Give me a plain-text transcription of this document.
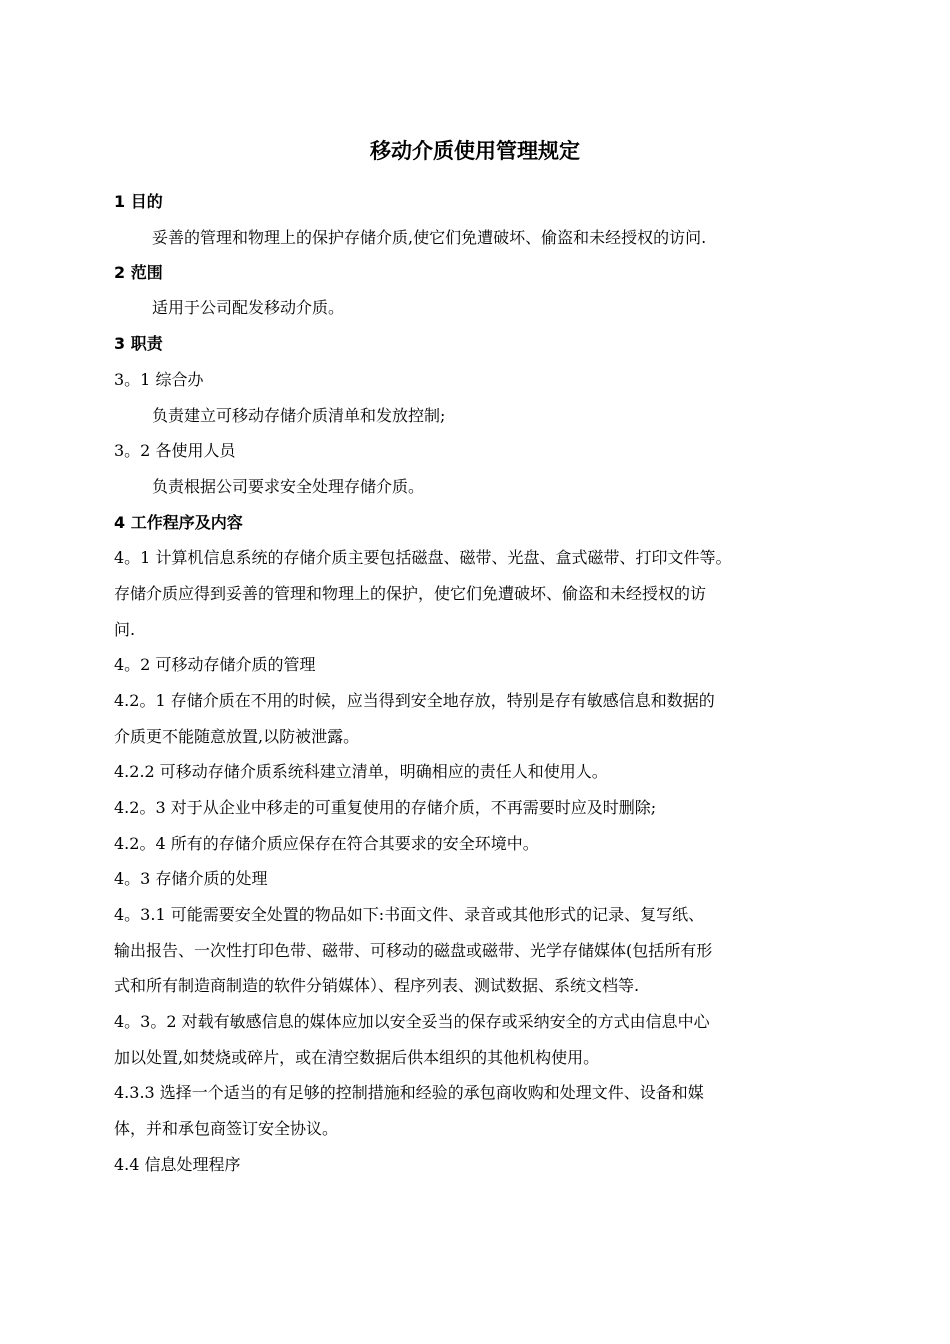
移动介质使用管理规定
1 目的
妥善的管理和物理上的保护存储介质,使它们免遭破坏、偷盗和未经授权的访问.
2 范围
适用于公司配发移动介质。
3 职责
3。1 综合办
负责建立可移动存储介质清单和发放控制;
3。2 各使用人员
负责根据公司要求安全处理存储介质。
4 工作程序及内容
4。1 计算机信息系统的存储介质主要包括磁盘、磁带、光盘、盒式磁带、打印文件等。
存储介质应得到妥善的管理和物理上的保护，使它们免遭破坏、偷盗和未经授权的访
问.
4。2 可移动存储介质的管理
4.2。1 存储介质在不用的时候，应当得到安全地存放，特别是存有敏感信息和数据的
介质更不能随意放置,以防被泄露。
4.2.2 可移动存储介质系统科建立清单，明确相应的责任人和使用人。
4.2。3 对于从企业中移走的可重复使用的存储介质，不再需要时应及时删除;
4.2。4 所有的存储介质应保存在符合其要求的安全环境中。
4。3 存储介质的处理
4。3.1 可能需要安全处置的物品如下:书面文件、录音或其他形式的记录、复写纸、
输出报告、一次性打印色带、磁带、可移动的磁盘或磁带、光学存储媒体(包括所有形
式和所有制造商制造的软件分销媒体）、程序列表、测试数据、系统文档等.
4。3。2 对载有敏感信息的媒体应加以安全妥当的保存或采纳安全的方式由信息中心
加以处置,如焚烧或碎片，或在清空数据后供本组织的其他机构使用。
4.3.3 选择一个适当的有足够的控制措施和经验的承包商收购和处理文件、设备和媒
体，并和承包商签订安全协议。
4.4 信息处理程序
